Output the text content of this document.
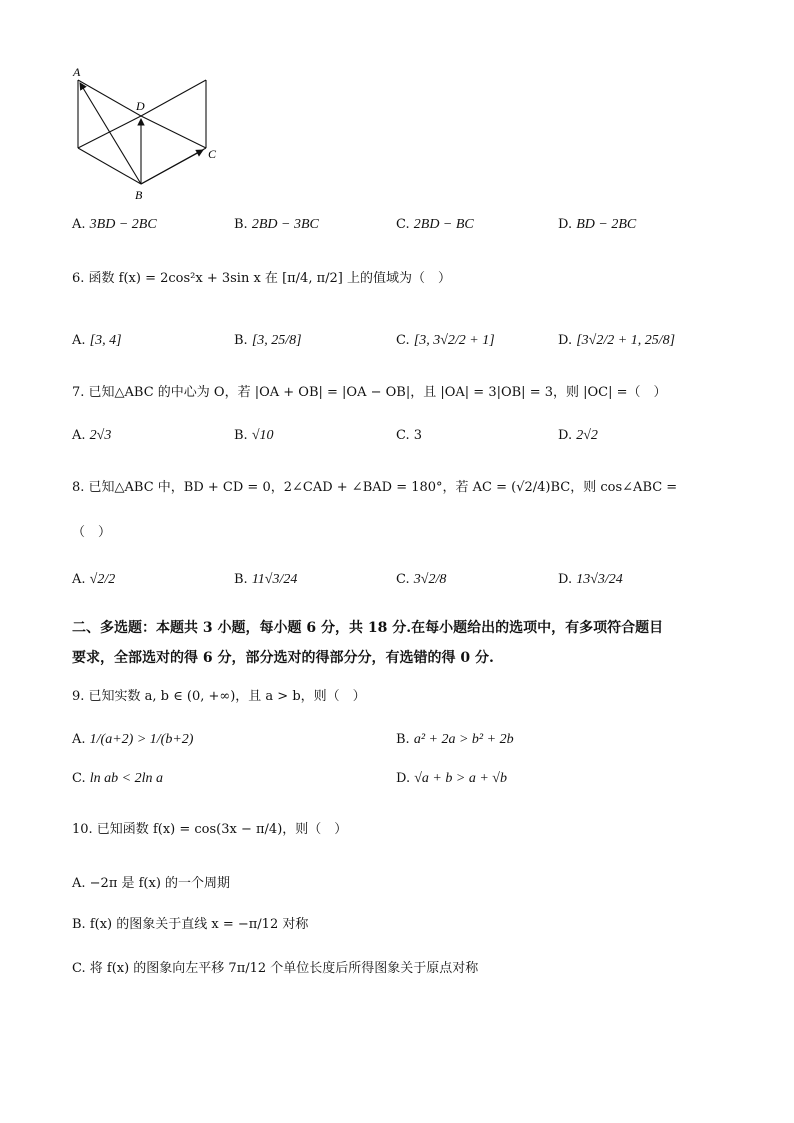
A
D
C
B
A. 3BD − 2BC	B. 2BD − 3BC	C. 2BD − BC	D. BD − 2BC
6. 函数 f(x) = 2cos²x + 3sin x 在 [π/4, π/2] 上的值域为（　）
A. [3, 4]	B. [3, 25/8]	C. [3, 3√2/2 + 1]	D. [3√2/2 + 1, 25/8]
7. 已知△ABC 的中心为 O，若 |OA + OB| = |OA − OB|，且 |OA| = 3|OB| = 3，则 |OC| =（　）
A. 2√3	B. √10	C. 3	D. 2√2
8. 已知△ABC 中，BD + CD = 0，2∠CAD + ∠BAD = 180°，若 AC = (√2/4)BC，则 cos∠ABC =
（　）
A. √2/2	B. 11√3/24	C. 3√2/8	D. 13√3/24
二、多选题：本题共 3 小题，每小题 6 分，共 18 分.在每小题给出的选项中，有多项符合题目
要求，全部选对的得 6 分，部分选对的得部分分，有选错的得 0 分.
9. 已知实数 a, b ∈ (0, +∞)，且 a > b，则（　）
A. 1/(a+2) > 1/(b+2)	B. a² + 2a > b² + 2b
C. ln ab < 2ln a	D. √a + b > a + √b
10. 已知函数 f(x) = cos(3x − π/4)，则（　）
A. −2π 是 f(x) 的一个周期
B. f(x) 的图象关于直线 x = −π/12 对称
C. 将 f(x) 的图象向左平移 7π/12 个单位长度后所得图象关于原点对称
